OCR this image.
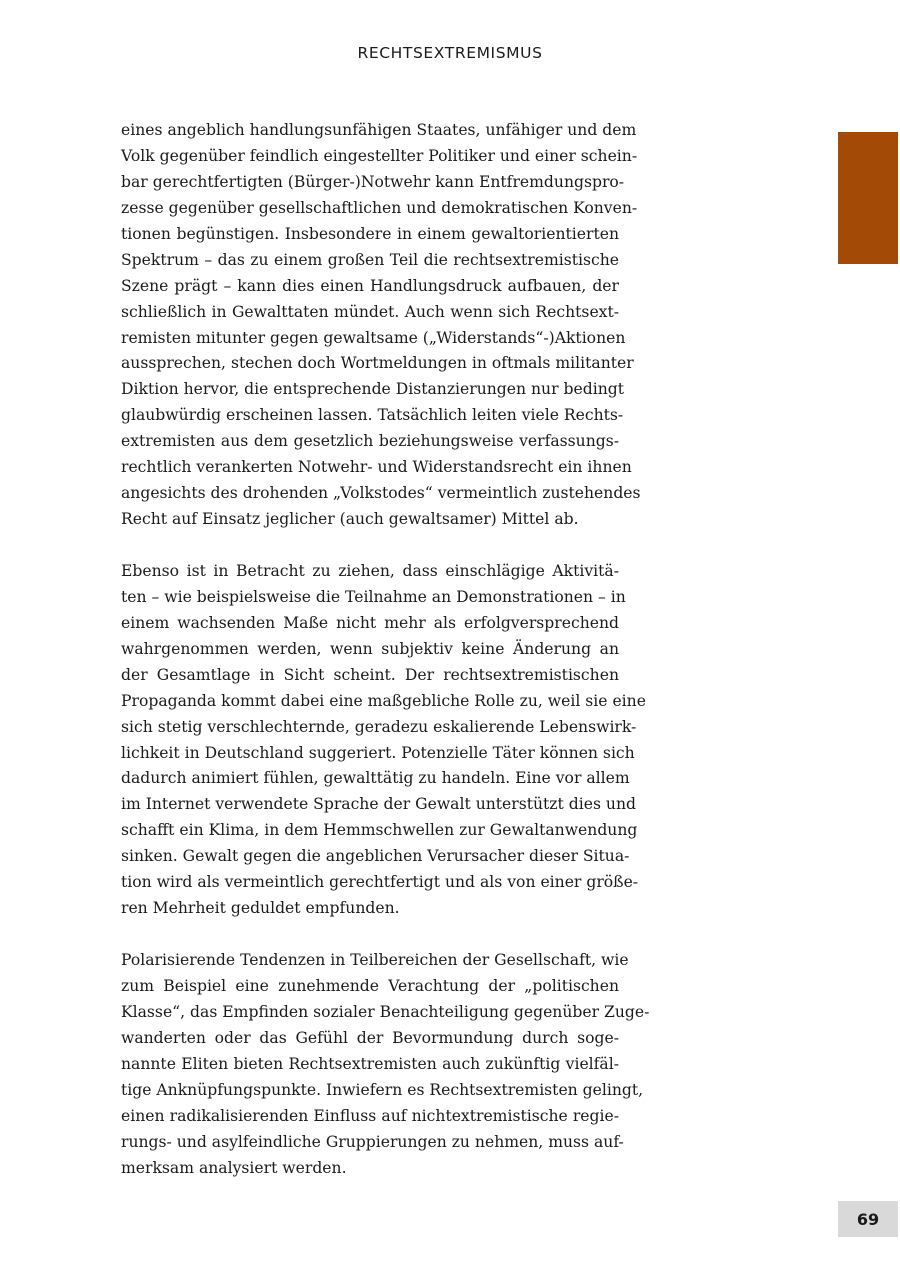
RECHTSEXTREMISMUS
eines angeblich handlungsunfähigen Staates, unfähiger und dem
Volk gegenüber feindlich eingestellter Politiker und einer schein-
bar gerechtfertigten (Bürger-)Notwehr kann Entfremdungspro-
zesse gegenüber gesellschaftlichen und demokratischen Konven-
tionen begünstigen. Insbesondere in einem gewaltorientierten
Spektrum – das zu einem großen Teil die rechtsextremistische
Szene prägt – kann dies einen Handlungsdruck aufbauen, der
schließlich in Gewalttaten mündet. Auch wenn sich Rechtsext-
remisten mitunter gegen gewaltsame („Widerstands“-)Aktionen
aussprechen, stechen doch Wortmeldungen in oftmals militanter
Diktion hervor, die entsprechende Distanzierungen nur bedingt
glaubwürdig erscheinen lassen. Tatsächlich leiten viele Rechts-
extremisten aus dem gesetzlich beziehungsweise verfassungs-
rechtlich verankerten Notwehr- und Widerstandsrecht ein ihnen
angesichts des drohenden „Volkstodes“ vermeintlich zustehendes
Recht auf Einsatz jeglicher (auch gewaltsamer) Mittel ab.
Ebenso ist in Betracht zu ziehen, dass einschlägige Aktivitä-
ten – wie beispielsweise die Teilnahme an Demonstrationen – in
einem wachsenden Maße nicht mehr als erfolgversprechend
wahrgenommen werden, wenn subjektiv keine Änderung an
der Gesamtlage in Sicht scheint. Der rechtsextremistischen
Propaganda kommt dabei eine maßgebliche Rolle zu, weil sie eine
sich stetig verschlechternde, geradezu eskalierende Lebenswirk-
lichkeit in Deutschland suggeriert. Potenzielle Täter können sich
dadurch animiert fühlen, gewalttätig zu handeln. Eine vor allem
im Internet verwendete Sprache der Gewalt unterstützt dies und
schafft ein Klima, in dem Hemmschwellen zur Gewaltanwendung
sinken. Gewalt gegen die angeblichen Verursacher dieser Situa-
tion wird als vermeintlich gerechtfertigt und als von einer größe-
ren Mehrheit geduldet empfunden.
Polarisierende Tendenzen in Teilbereichen der Gesellschaft, wie
zum Beispiel eine zunehmende Verachtung der „politischen
Klasse“, das Empfinden sozialer Benachteiligung gegenüber Zuge-
wanderten oder das Gefühl der Bevormundung durch soge-
nannte Eliten bieten Rechtsextremisten auch zukünftig vielfäl-
tige Anknüpfungspunkte. Inwiefern es Rechtsextremisten gelingt,
einen radikalisierenden Einfluss auf nichtextremistische regie-
rungs- und asylfeindliche Gruppierungen zu nehmen, muss auf-
merksam analysiert werden.
69
